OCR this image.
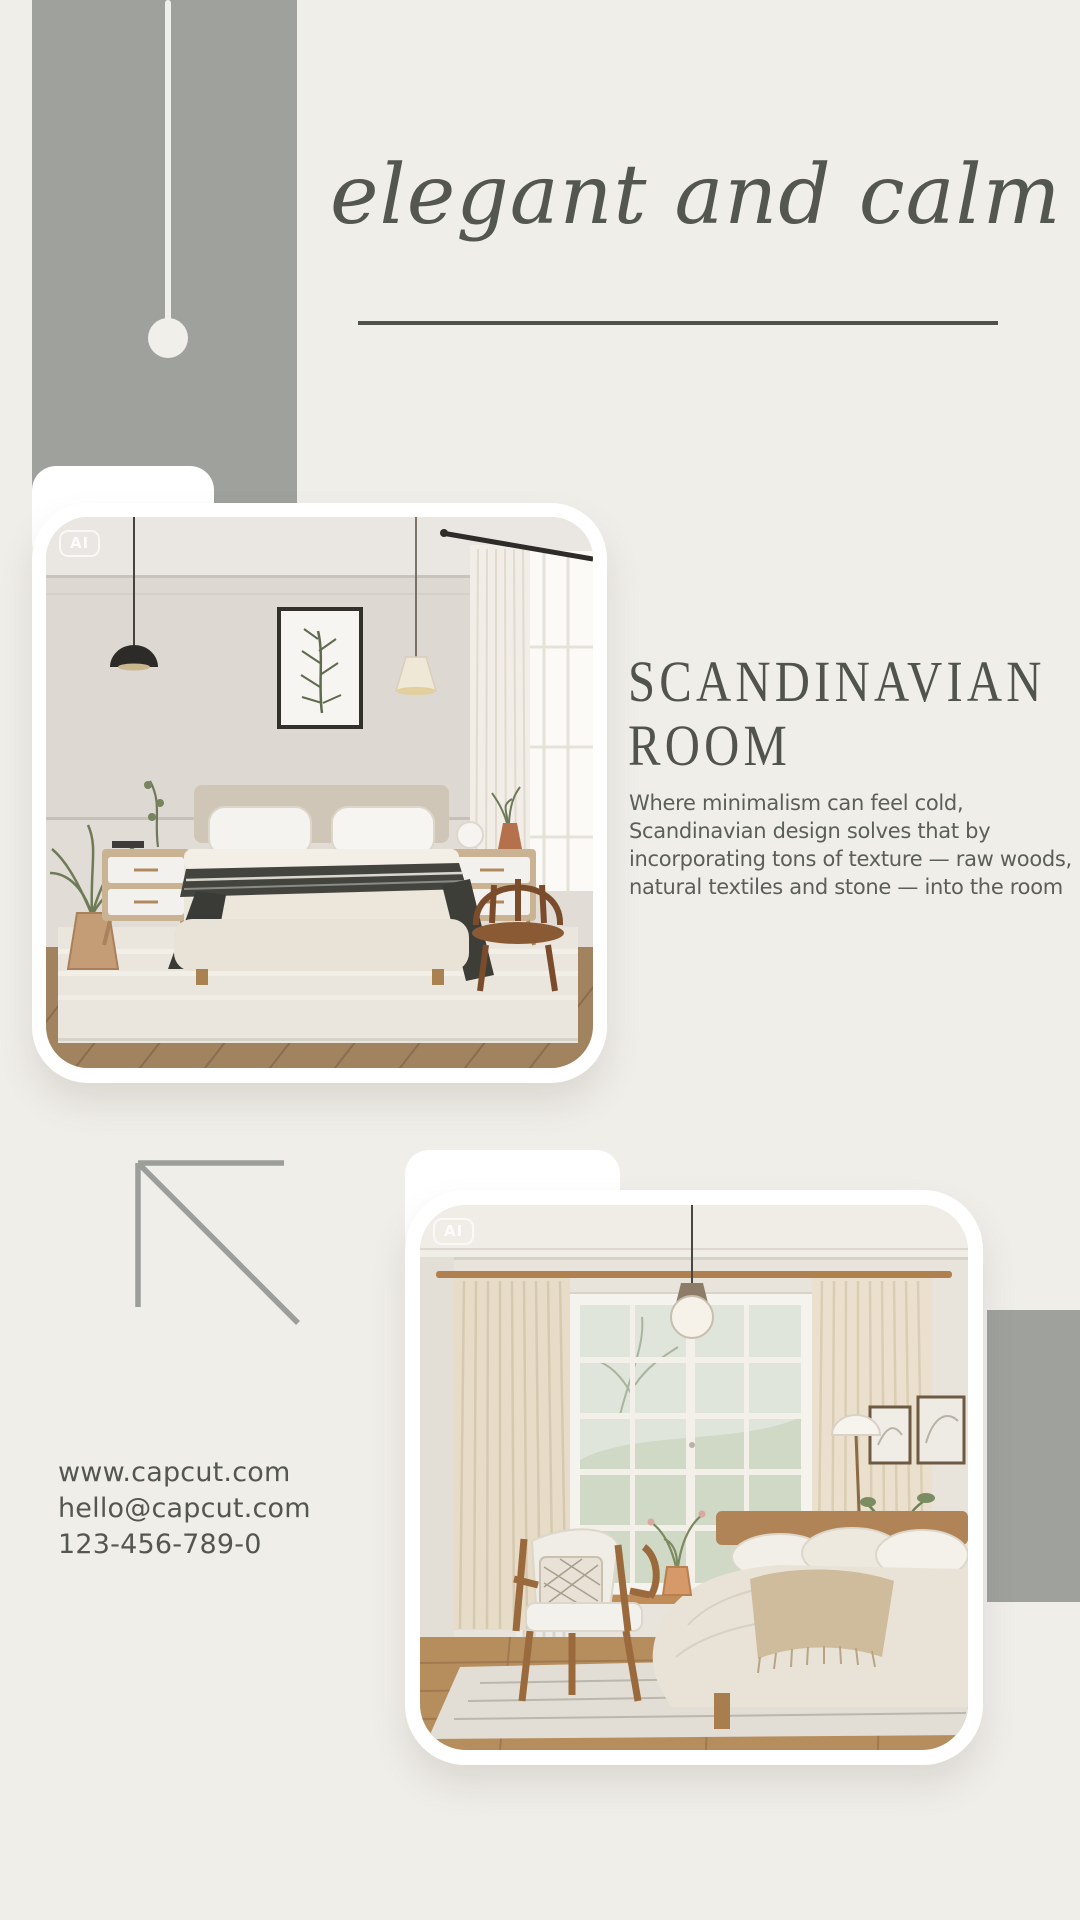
elegant and calm
AI
SCANDINAVIAN
ROOM
Where minimalism can feel cold,
Scandinavian design solves that by
incorporating tons of texture — raw woods,
natural textiles and stone — into the room
www.capcut.com
hello@capcut.com
123-456-789-0
AI
